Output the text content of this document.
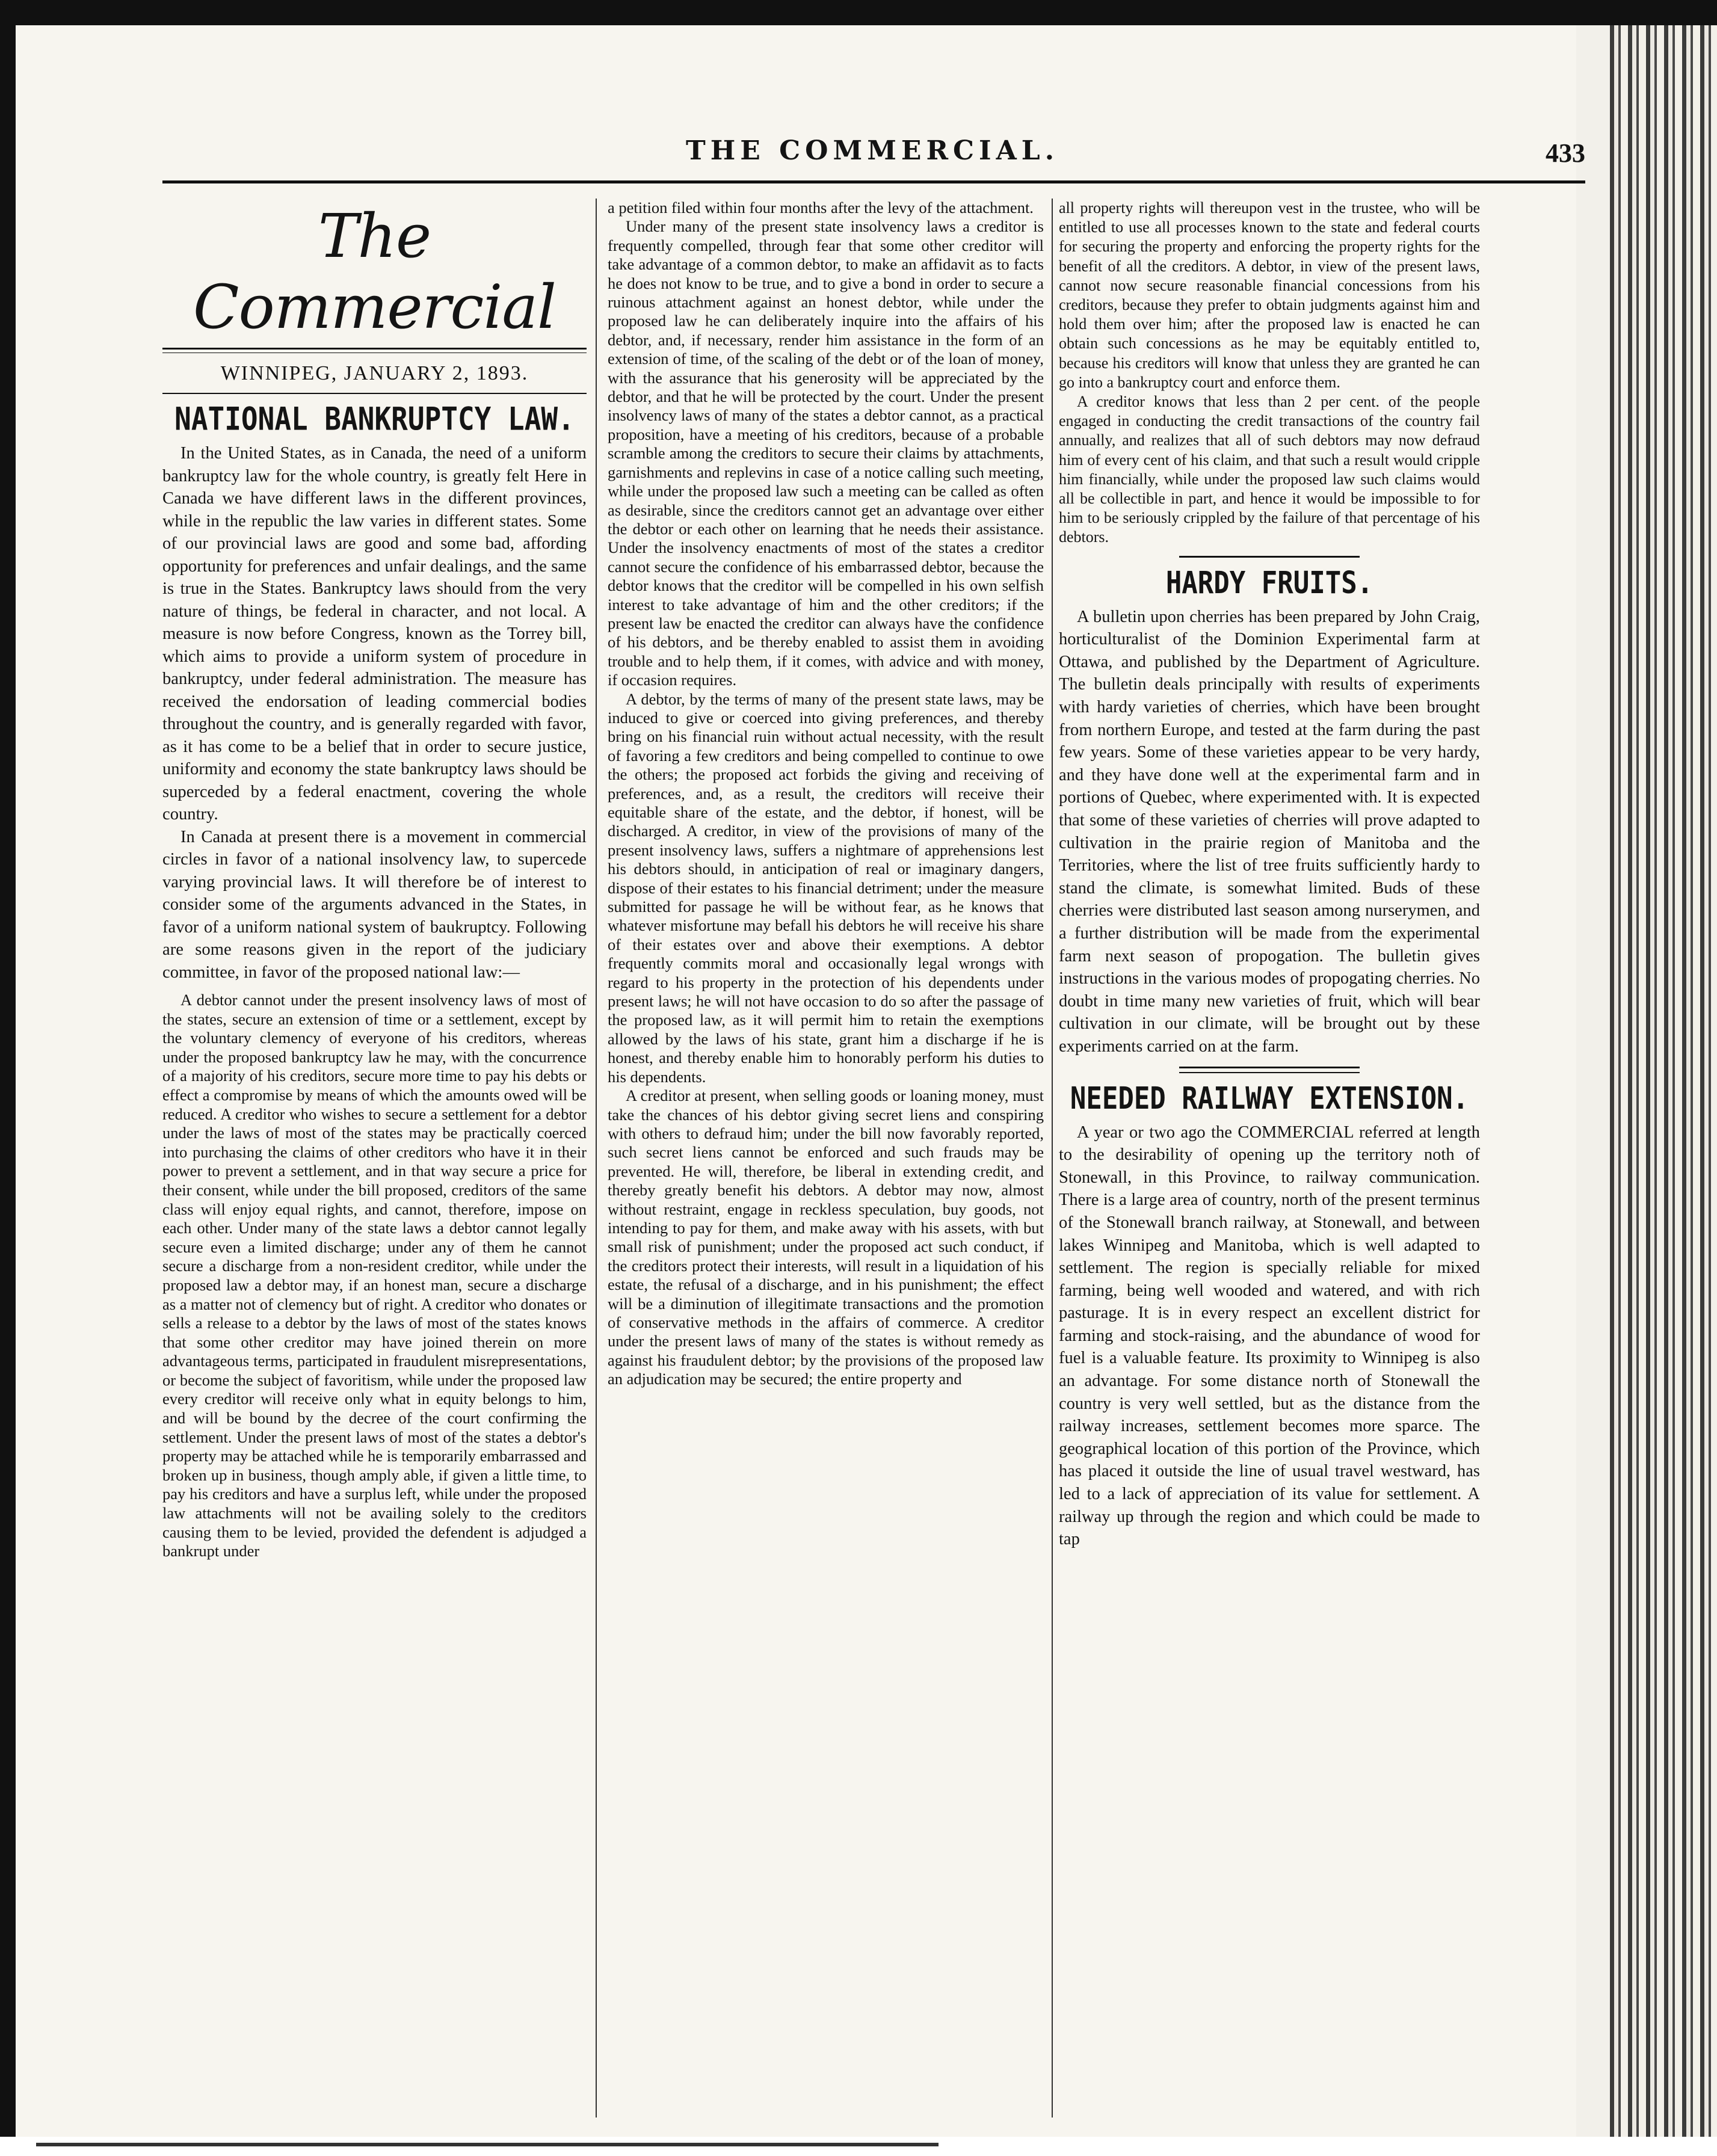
THE COMMERCIAL.	433
The Commercial
WINNIPEG, JANUARY 2, 1893.
NATIONAL BANKRUPTCY LAW.

In the United States, as in Canada, the need of a uniform bankruptcy law for the whole country, is greatly felt Here in Canada we have different laws in the different provinces, while in the republic the law varies in different states. Some of our provincial laws are good and some bad, affording opportunity for preferences and unfair dealings, and the same is true in the States. Bankruptcy laws should from the very nature of things, be federal in character, and not local. A measure is now before Congress, known as the Torrey bill, which aims to provide a uniform system of procedure in bankruptcy, under federal administration. The measure has received the endorsation of leading commercial bodies throughout the country, and is generally regarded with favor, as it has come to be a belief that in order to secure justice, uniformity and economy the state bankruptcy laws should be superceded by a federal enactment, covering the whole country.

In Canada at present there is a movement in commercial circles in favor of a national insolvency law, to supercede varying provincial laws. It will therefore be of interest to consider some of the arguments advanced in the States, in favor of a uniform national system of baukruptcy. Following are some reasons given in the report of the judiciary committee, in favor of the proposed national law:—

A debtor cannot under the present insolvency laws of most of the states, secure an extension of time or a settlement, except by the voluntary clemency of everyone of his creditors, whereas under the proposed bankruptcy law he may, with the concurrence of a majority of his creditors, secure more time to pay his debts or effect a compromise by means of which the amounts owed will be reduced. A creditor who wishes to secure a settlement for a debtor under the laws of most of the states may be practically coerced into purchasing the claims of other creditors who have it in their power to prevent a settlement, and in that way secure a price for their consent, while under the bill proposed, creditors of the same class will enjoy equal rights, and cannot, therefore, impose on each other. Under many of the state laws a debtor cannot legally secure even a limited discharge; under any of them he cannot secure a discharge from a non-resident creditor, while under the proposed law a debtor may, if an honest man, secure a discharge as a matter not of clemency but of right. A creditor who donates or sells a release to a debtor by the laws of most of the states knows that some other creditor may have joined therein on more advantageous terms, participated in fraudulent misrepresentations, or become the subject of favoritism, while under the proposed law every creditor will receive only what in equity belongs to him, and will be bound by the decree of the court confirming the settlement. Under the present laws of most of the states a debtor's property may be attached while he is temporarily embarrassed and broken up in business, though amply able, if given a little time, to pay his creditors and have a surplus left, while under the proposed law attachments will not be availing solely to the creditors causing them to be levied, provided the defendent is adjudged a bankrupt under

a petition filed within four months after the levy of the attachment.

Under many of the present state insolvency laws a creditor is frequently compelled, through fear that some other creditor will take advantage of a common debtor, to make an affidavit as to facts he does not know to be true, and to give a bond in order to secure a ruinous attachment against an honest debtor, while under the proposed law he can deliberately inquire into the affairs of his debtor, and, if necessary, render him assistance in the form of an extension of time, of the scaling of the debt or of the loan of money, with the assurance that his generosity will be appreciated by the debtor, and that he will be protected by the court. Under the present insolvency laws of many of the states a debtor cannot, as a practical proposition, have a meeting of his creditors, because of a probable scramble among the creditors to secure their claims by attachments, garnishments and replevins in case of a notice calling such meeting, while under the proposed law such a meeting can be called as often as desirable, since the creditors cannot get an advantage over either the debtor or each other on learning that he needs their assistance. Under the insolvency enactments of most of the states a creditor cannot secure the confidence of his embarrassed debtor, because the debtor knows that the creditor will be compelled in his own selfish interest to take advantage of him and the other creditors; if the present law be enacted the creditor can always have the confidence of his debtors, and be thereby enabled to assist them in avoiding trouble and to help them, if it comes, with advice and with money, if occasion requires.

A debtor, by the terms of many of the present state laws, may be induced to give or coerced into giving preferences, and thereby bring on his financial ruin without actual necessity, with the result of favoring a few creditors and being compelled to continue to owe the others; the proposed act forbids the giving and receiving of preferences, and, as a result, the creditors will receive their equitable share of the estate, and the debtor, if honest, will be discharged. A creditor, in view of the provisions of many of the present insolvency laws, suffers a nightmare of apprehensions lest his debtors should, in anticipation of real or imaginary dangers, dispose of their estates to his financial detriment; under the measure submitted for passage he will be without fear, as he knows that whatever misfortune may befall his debtors he will receive his share of their estates over and above their exemptions. A debtor frequently commits moral and occasionally legal wrongs with regard to his property in the protection of his dependents under present laws; he will not have occasion to do so after the passage of the proposed law, as it will permit him to retain the exemptions allowed by the laws of his state, grant him a discharge if he is honest, and thereby enable him to honorably perform his duties to his dependents.

A creditor at present, when selling goods or loaning money, must take the chances of his debtor giving secret liens and conspiring with others to defraud him; under the bill now favorably reported, such secret liens cannot be enforced and such frauds may be prevented. He will, therefore, be liberal in extending credit, and thereby greatly benefit his debtors. A debtor may now, almost without restraint, engage in reckless speculation, buy goods, not intending to pay for them, and make away with his assets, with but small risk of punishment; under the proposed act such conduct, if the creditors protect their interests, will result in a liquidation of his estate, the refusal of a discharge, and in his punishment; the effect will be a diminution of illegitimate transactions and the promotion of conservative methods in the affairs of commerce. A creditor under the present laws of many of the states is without remedy as against his fraudulent debtor; by the provisions of the proposed law an adjudication may be secured; the entire property and

all property rights will thereupon vest in the trustee, who will be entitled to use all processes known to the state and federal courts for securing the property and enforcing the property rights for the benefit of all the creditors. A debtor, in view of the present laws, cannot now secure reasonable financial concessions from his creditors, because they prefer to obtain judgments against him and hold them over him; after the proposed law is enacted he can obtain such concessions as he may be equitably entitled to, because his creditors will know that unless they are granted he can go into a bankruptcy court and enforce them.

A creditor knows that less than 2 per cent. of the people engaged in conducting the credit transactions of the country fail annually, and realizes that all of such debtors may now defraud him of every cent of his claim, and that such a result would cripple him financially, while under the proposed law such claims would all be collectible in part, and hence it would be impossible to for him to be seriously crippled by the failure of that percentage of his debtors.

HARDY FRUITS.

A bulletin upon cherries has been prepared by John Craig, horticulturalist of the Dominion Experimental farm at Ottawa, and published by the Department of Agriculture. The bulletin deals principally with results of experiments with hardy varieties of cherries, which have been brought from northern Europe, and tested at the farm during the past few years. Some of these varieties appear to be very hardy, and they have done well at the experimental farm and in portions of Quebec, where experimented with. It is expected that some of these varieties of cherries will prove adapted to cultivation in the prairie region of Manitoba and the Territories, where the list of tree fruits sufficiently hardy to stand the climate, is somewhat limited. Buds of these cherries were distributed last season among nurserymen, and a further distribution will be made from the experimental farm next season of propogation. The bulletin gives instructions in the various modes of propogating cherries. No doubt in time many new varieties of fruit, which will bear cultivation in our climate, will be brought out by these experiments carried on at the farm.

NEEDED RAILWAY EXTENSION.

A year or two ago the COMMERCIAL referred at length to the desirability of opening up the territory noth of Stonewall, in this Province, to railway communication. There is a large area of country, north of the present terminus of the Stonewall branch railway, at Stonewall, and between lakes Winnipeg and Manitoba, which is well adapted to settlement. The region is specially reliable for mixed farming, being well wooded and watered, and with rich pasturage. It is in every respect an excellent district for farming and stock-raising, and the abundance of wood for fuel is a valuable feature. Its proximity to Winnipeg is also an advantage. For some distance north of Stonewall the country is very well settled, but as the distance from the railway increases, settlement becomes more sparce. The geographical location of this portion of the Province, which has placed it outside the line of usual travel westward, has led to a lack of appreciation of its value for settlement. A railway up through the region and which could be made to tap
